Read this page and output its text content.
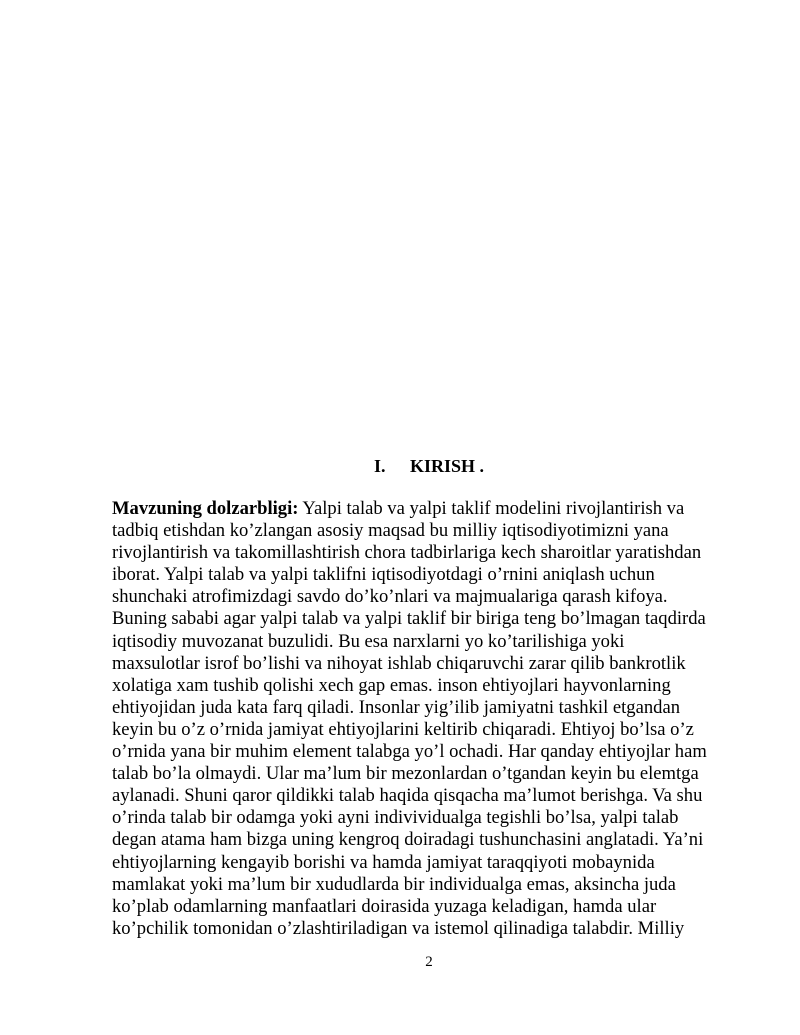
I. KIRISH .
Mavzuning dolzarbligi: Yalpi talab va yalpi taklif modelini rivojlantirish va
tadbiq etishdan ko’zlangan asosiy maqsad bu milliy iqtisodiyotimizni yana
rivojlantirish va takomillashtirish chora tadbirlariga kech sharoitlar yaratishdan
iborat. Yalpi talab va yalpi taklifni iqtisodiyotdagi o’rnini aniqlash uchun
shunchaki atrofimizdagi savdo do’ko’nlari va majmualariga qarash kifoya.
Buning sababi agar yalpi talab va yalpi taklif bir biriga teng bo’lmagan taqdirda
iqtisodiy muvozanat buzulidi. Bu esa narxlarni yo ko’tarilishiga yoki
maxsulotlar isrof bo’lishi va nihoyat ishlab chiqaruvchi zarar qilib bankrotlik
xolatiga xam tushib qolishi xech gap emas. inson ehtiyojlari hayvonlarning
ehtiyojidan juda kata farq qiladi. Insonlar yig’ilib jamiyatni tashkil etgandan
keyin bu o’z o’rnida jamiyat ehtiyojlarini keltirib chiqaradi. Ehtiyoj bo’lsa o’z
o’rnida yana bir muhim element talabga yo’l ochadi. Har qanday ehtiyojlar ham
talab bo’la olmaydi. Ular ma’lum bir mezonlardan o’tgandan keyin bu elemtga
aylanadi. Shuni qaror qildikki talab haqida qisqacha ma’lumot berishga. Va shu
o’rinda talab bir odamga yoki ayni indivividualga tegishli bo’lsa, yalpi talab
degan atama ham bizga uning kengroq doiradagi tushunchasini anglatadi. Ya’ni
ehtiyojlarning kengayib borishi va hamda jamiyat taraqqiyoti mobaynida
mamlakat yoki ma’lum bir xududlarda bir individualga emas, aksincha juda
ko’plab odamlarning manfaatlari doirasida yuzaga keladigan, hamda ular
ko’pchilik tomonidan o’zlashtiriladigan va istemol qilinadiga talabdir. Milliy
2
